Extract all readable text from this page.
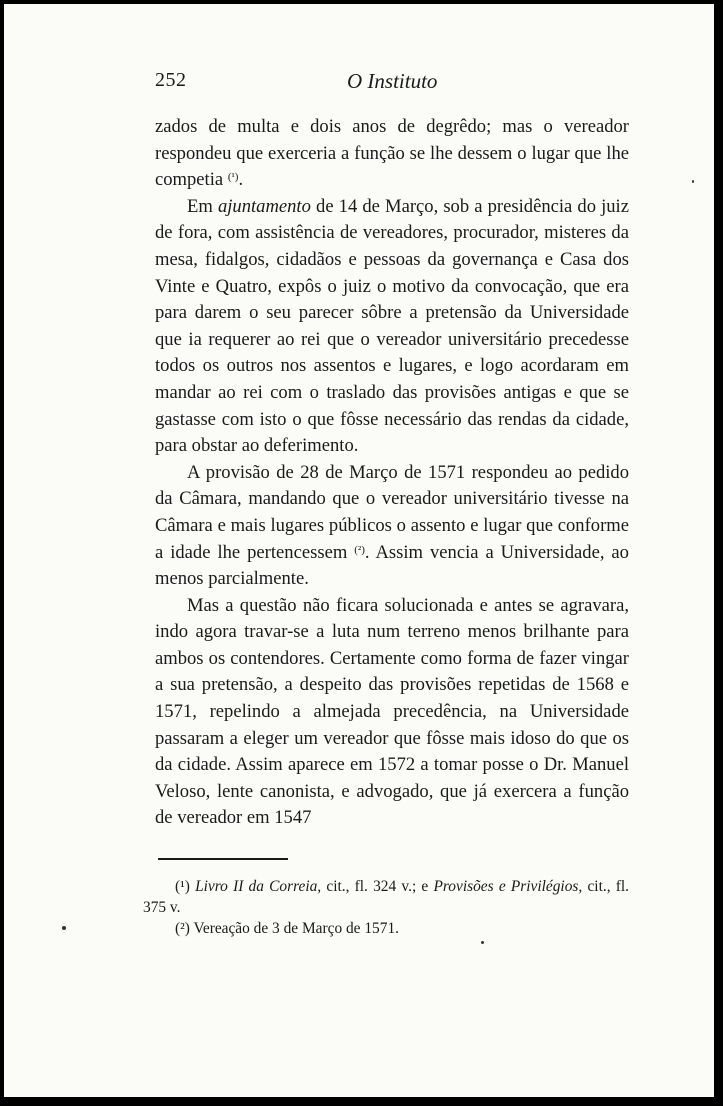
252	O Instituto

zados de multa e dois anos de degrêdo; mas o vereador respondeu que exerceria a função se lhe dessem o lugar que lhe competia $^{(^1)}$.

Em ajuntamento de 14 de Março, sob a presidência do juiz de fora, com assistência de vereadores, procurador, misteres da mesa, fidalgos, cidadãos e pessoas da governança e Casa dos Vinte e Quatro, expôs o juiz o motivo da convocação, que era para darem o seu parecer sôbre a pretensão da Universidade que ia requerer ao rei que o vereador universitário precedesse todos os outros nos assentos e lugares, e logo acordaram em mandar ao rei com o traslado das provisões antigas e que se gastasse com isto o que fôsse necessário das rendas da cidade, para obstar ao deferimento.

A provisão de 28 de Março de 1571 respondeu ao pedido da Câmara, mandando que o vereador universitário tivesse na Câmara e mais lugares públicos o assento e lugar que conforme a idade lhe pertencessem $^{(^2)}$. Assim vencia a Universidade, ao menos parcialmente.

Mas a questão não ficara solucionada e antes se agravara, indo agora travar-se a luta num terreno menos brilhante para ambos os contendores. Certamente como forma de fazer vingar a sua pretensão, a despeito das provisões repetidas de 1568 e 1571, repelindo a almejada precedência, na Universidade passaram a eleger um vereador que fôsse mais idoso do que os da cidade. Assim aparece em 1572 a tomar posse o Dr. Manuel Veloso, lente canonista, e advogado, que já exercera a função de vereador em 1547

(¹) Livro II da Correia, cit., fl. 324 v.; e Provisões e Privilégios, cit., fl. 375 v.

(²) Vereação de 3 de Março de 1571.
